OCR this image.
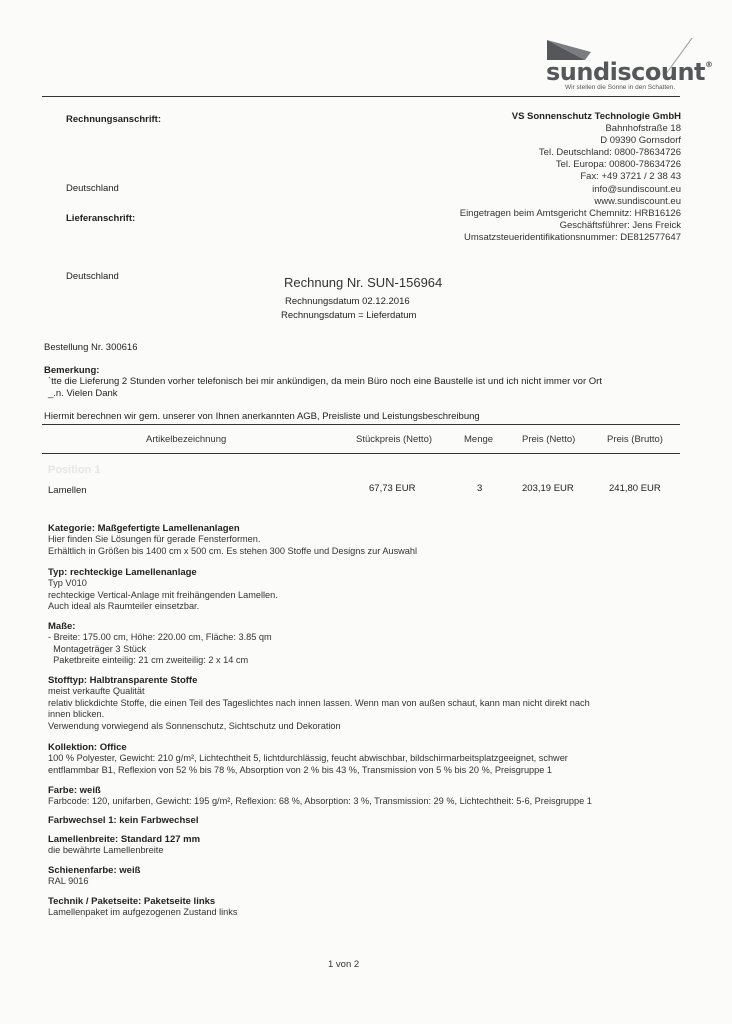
sundiscount®
Wir stellen die Sonne in den Schatten.
Rechnungsanschrift:
Deutschland
Lieferanschrift:
Deutschland
VS Sonnenschutz Technologie GmbH
Bahnhofstraße 18
D 09390 Gornsdorf
Tel. Deutschland: 0800-78634726
Tel. Europa: 00800-78634726
Fax: +49 3721 / 2 38 43
info@sundiscount.eu
www.sundiscount.eu
Eingetragen beim Amtsgericht Chemnitz: HRB16126
Geschäftsführer: Jens Freick
Umsatzsteueridentifikationsnummer: DE812577647
Rechnung Nr. SUN-156964
Rechnungsdatum 02.12.2016
Rechnungsdatum = Lieferdatum
Bestellung Nr. 300616
Bemerkung:
`tte die Lieferung 2 Stunden vorher telefonisch bei mir ankündigen, da mein Büro noch eine Baustelle ist und ich nicht immer vor Ort
_.n. Vielen Dank
Hiermit berechnen wir gem. unserer von Ihnen anerkannten AGB, Preisliste und Leistungsbeschreibung
Artikelbezeichnung	Stückpreis (Netto)	Menge	Preis (Netto)	Preis (Brutto)
Position 1
Lamellen	67,73 EUR	3	203,19 EUR	241,80 EUR
Kategorie: Maßgefertigte Lamellenanlagen
Hier finden Sie Lösungen für gerade Fensterformen.
Erhältlich in Größen bis 1400 cm x 500 cm. Es stehen 300 Stoffe und Designs zur Auswahl
Typ: rechteckige Lamellenanlage
Typ V010
rechteckige Vertical-Anlage mit freihängenden Lamellen.
Auch ideal als Raumteiler einsetzbar.
Maße:
- Breite: 175.00 cm, Höhe: 220.00 cm, Fläche: 3.85 qm
Montageträger 3 Stück
Paketbreite einteilig: 21 cm zweiteilig: 2 x 14 cm
Stofftyp: Halbtransparente Stoffe
meist verkaufte Qualität
relativ blickdichte Stoffe, die einen Teil des Tageslichtes nach innen lassen. Wenn man von außen schaut, kann man nicht direkt nach
innen blicken.
Verwendung vorwiegend als Sonnenschutz, Sichtschutz und Dekoration
Kollektion: Office
100 % Polyester, Gewicht: 210 g/m², Lichtechtheit 5, lichtdurchlässig, feucht abwischbar, bildschirmarbeitsplatzgeeignet, schwer
entflammbar B1, Reflexion von 52 % bis 78 %, Absorption von 2 % bis 43 %, Transmission von 5 % bis 20 %, Preisgruppe 1
Farbe: weiß
Farbcode: 120, unifarben, Gewicht: 195 g/m², Reflexion: 68 %, Absorption: 3 %, Transmission: 29 %, Lichtechtheit: 5-6, Preisgruppe 1
Farbwechsel 1: kein Farbwechsel
Lamellenbreite: Standard 127 mm
die bewährte Lamellenbreite
Schienenfarbe: weiß
RAL 9016
Technik / Paketseite: Paketseite links
Lamellenpaket im aufgezogenen Zustand links
1 von 2
